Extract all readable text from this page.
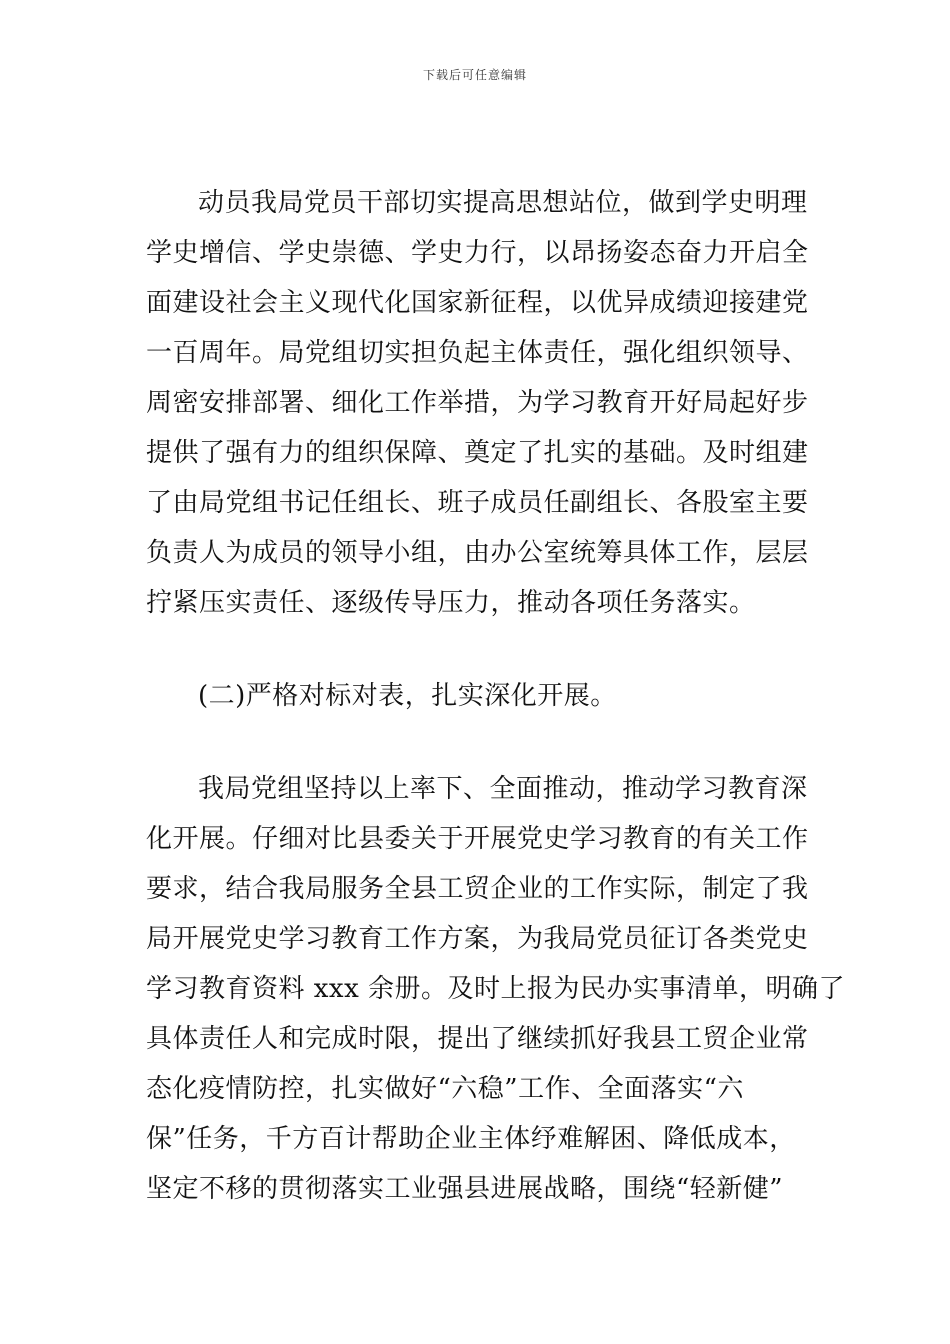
下载后可任意编辑
动员我局党员干部切实提高思想站位，做到学史明理
学史增信、学史崇德、学史力行，以昂扬姿态奋力开启全
面建设社会主义现代化国家新征程，以优异成绩迎接建党
一百周年。局党组切实担负起主体责任，强化组织领导、
周密安排部署、细化工作举措，为学习教育开好局起好步
提供了强有力的组织保障、奠定了扎实的基础。及时组建
了由局党组书记任组长、班子成员任副组长、各股室主要
负责人为成员的领导小组，由办公室统筹具体工作，层层
拧紧压实责任、逐级传导压力，推动各项任务落实。
(二)严格对标对表，扎实深化开展。
我局党组坚持以上率下、全面推动，推动学习教育深
化开展。仔细对比县委关于开展党史学习教育的有关工作
要求，结合我局服务全县工贸企业的工作实际，制定了我
局开展党史学习教育工作方案，为我局党员征订各类党史
学习教育资料 xxx 余册。及时上报为民办实事清单，明确了
具体责任人和完成时限，提出了继续抓好我县工贸企业常
态化疫情防控，扎实做好“六稳”工作、全面落实“六
保”任务，千方百计帮助企业主体纾难解困、降低成本，
坚定不移的贯彻落实工业强县进展战略，围绕“轻新健”
